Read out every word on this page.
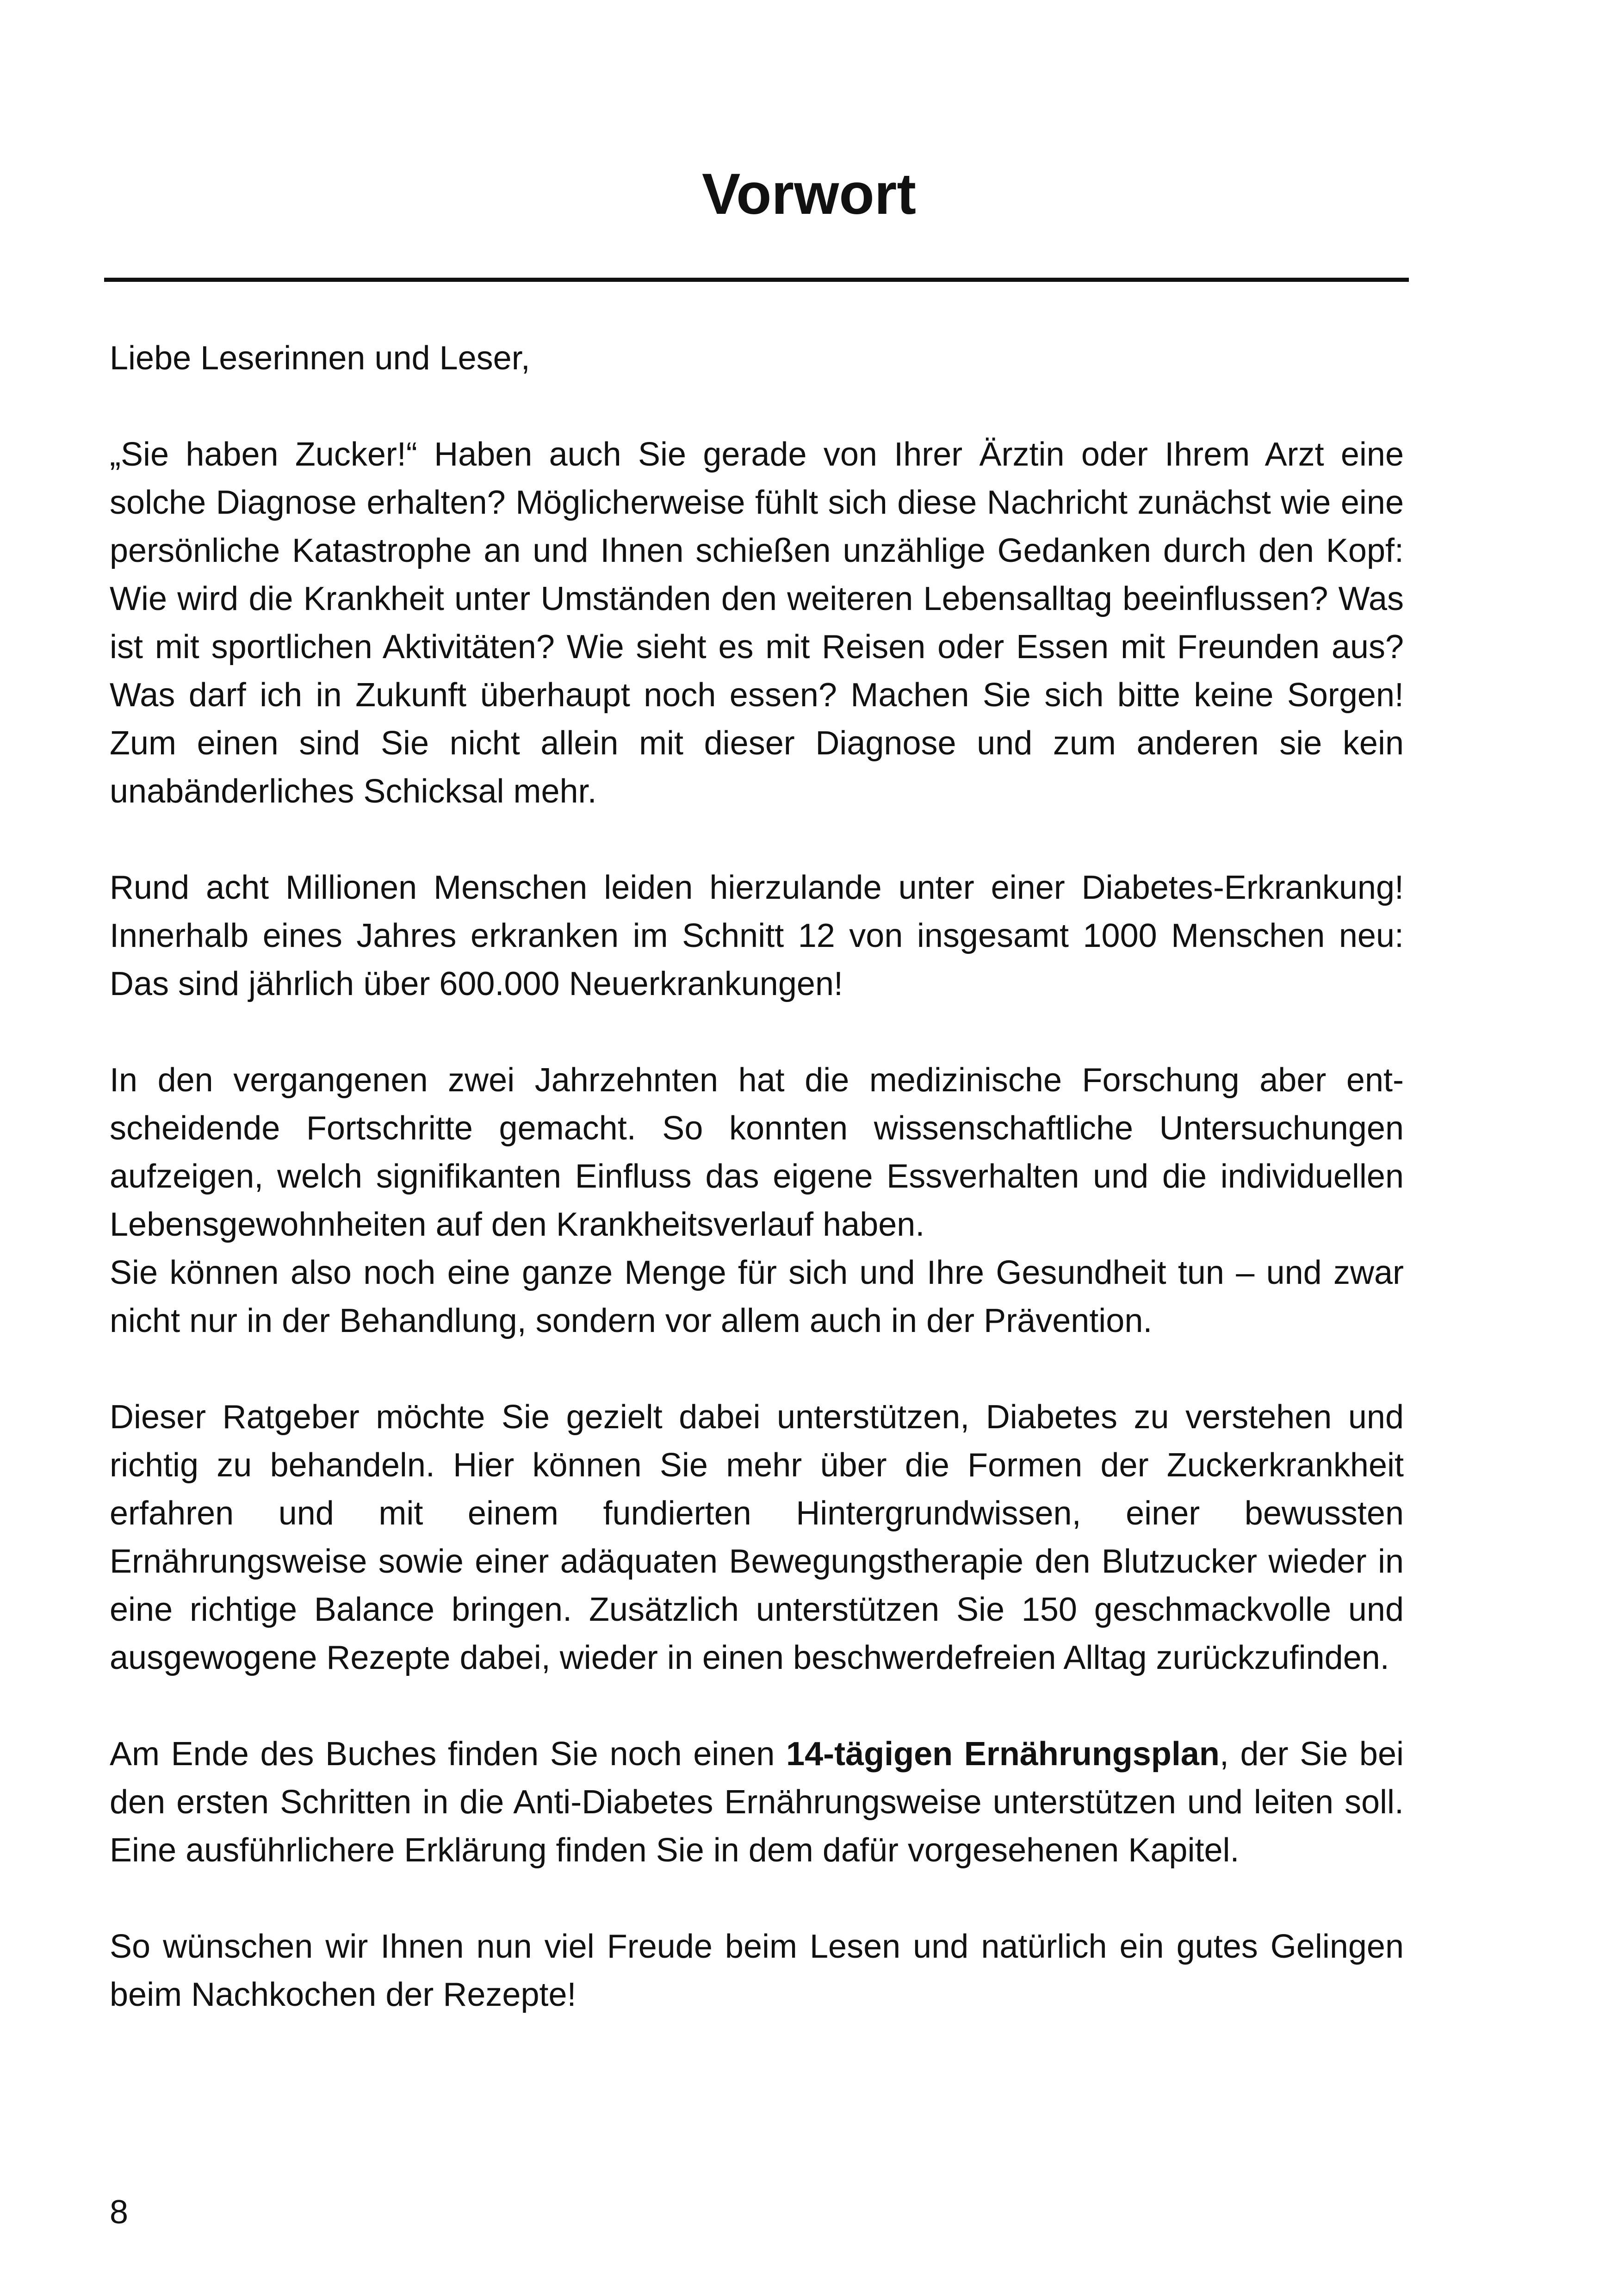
Vorwort

Liebe Leserinnen und Leser,

„Sie haben Zucker!“ Haben auch Sie gerade von Ihrer Ärztin oder Ihrem Arzt eine solche Diagnose erhalten? Möglicherweise fühlt sich diese Nachricht zunächst wie eine persönliche Katastrophe an und Ihnen schießen unzählige Gedanken durch den Kopf: Wie wird die Krankheit unter Umständen den weiteren Lebensalltag beeinflussen? Was ist mit sportlichen Aktivitäten? Wie sieht es mit Reisen oder Essen mit Freunden aus? Was darf ich in Zukunft überhaupt noch essen? Machen Sie sich bitte keine Sorgen! Zum einen sind Sie nicht allein mit dieser Diagnose und zum anderen sie kein unabänderliches Schicksal mehr.

Rund acht Millionen Menschen leiden hierzulande unter einer Diabetes-Erkrankung! Innerhalb eines Jahres erkranken im Schnitt 12 von insgesamt 1000 Menschen neu: Das sind jährlich über 600.000 Neuerkrankungen!

In den vergangenen zwei Jahrzehnten hat die medizinische Forschung aber entscheidende Fortschritte gemacht. So konnten wissenschaftliche Untersuchungen aufzeigen, welch signifikanten Einfluss das eigene Essverhalten und die individuellen Lebensgewohnheiten auf den Krankheitsverlauf haben.

Sie können also noch eine ganze Menge für sich und Ihre Gesundheit tun – und zwar nicht nur in der Behandlung, sondern vor allem auch in der Prävention.

Dieser Ratgeber möchte Sie gezielt dabei unterstützen, Diabetes zu verstehen und richtig zu behandeln. Hier können Sie mehr über die Formen der Zuckerkrankheit erfahren und mit einem fundierten Hintergrundwissen, einer bewussten Ernährungsweise sowie einer adäquaten Bewegungstherapie den Blutzucker wieder in eine richtige Balance bringen. Zusätzlich unterstützen Sie 150 geschmackvolle und ausgewogene Rezepte dabei, wieder in einen beschwerdefreien Alltag zurückzufinden.

Am Ende des Buches finden Sie noch einen 14-tägigen Ernährungsplan, der Sie bei den ersten Schritten in die Anti-Diabetes Ernährungsweise unterstützen und leiten soll. Eine ausführlichere Erklärung finden Sie in dem dafür vorgesehenen Kapitel.

So wünschen wir Ihnen nun viel Freude beim Lesen und natürlich ein gutes Gelingen beim Nachkochen der Rezepte!

8
